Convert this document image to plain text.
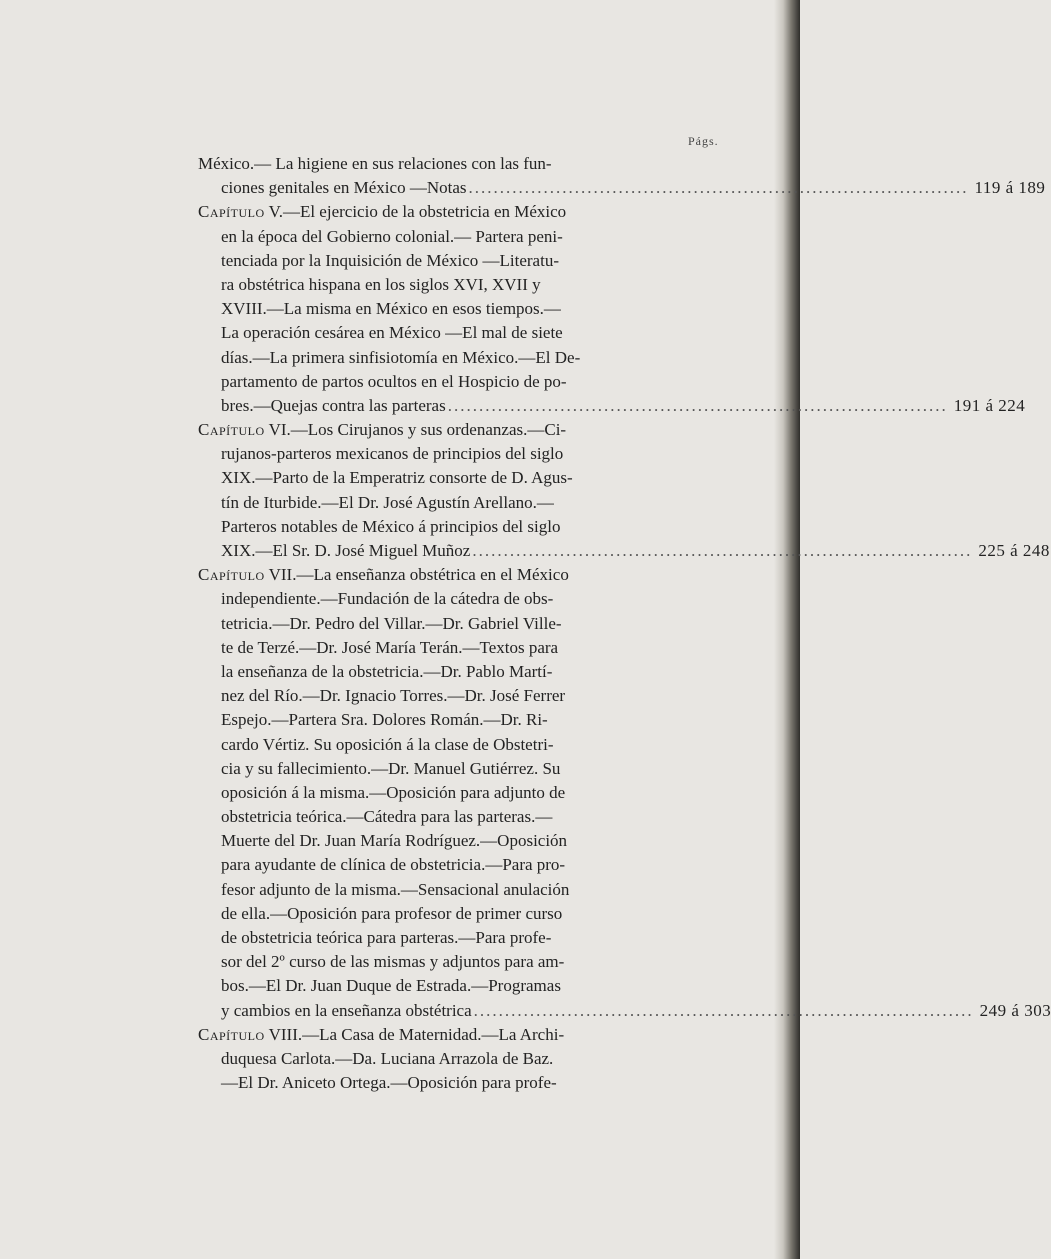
Págs.
México.— La higiene en sus relaciones con las fun-
ciones genitales en México —Notas ................................................................................ 119 á 189
Capítulo V.—El ejercicio de la obstetricia en México
en la época del Gobierno colonial.— Partera peni-
tenciada por la Inquisición de México —Literatu-
ra obstétrica hispana en los siglos XVI, XVII y
XVIII.—La misma en México en esos tiempos.—
La operación cesárea en México —El mal de siete
días.—La primera sinfisiotomía en México.—El De-
partamento de partos ocultos en el Hospicio de po-
bres.—Quejas contra las parteras ................................................................................ 191 á 224
Capítulo VI.—Los Cirujanos y sus ordenanzas.—Ci-
rujanos-parteros mexicanos de principios del siglo
XIX.—Parto de la Emperatriz consorte de D. Agus-
tín de Iturbide.—El Dr. José Agustín Arellano.—
Parteros notables de México á principios del siglo
XIX.—El Sr. D. José Miguel Muñoz ................................................................................ 225 á 248
Capítulo VII.—La enseñanza obstétrica en el México
independiente.—Fundación de la cátedra de obs-
tetricia.—Dr. Pedro del Villar.—Dr. Gabriel Ville-
te de Terzé.—Dr. José María Terán.—Textos para
la enseñanza de la obstetricia.—Dr. Pablo Martí-
nez del Río.—Dr. Ignacio Torres.—Dr. José Ferrer
Espejo.—Partera Sra. Dolores Román.—Dr. Ri-
cardo Vértiz. Su oposición á la clase de Obstetri-
cia y su fallecimiento.—Dr. Manuel Gutiérrez. Su
oposición á la misma.—Oposición para adjunto de
obstetricia teórica.—Cátedra para las parteras.—
Muerte del Dr. Juan María Rodríguez.—Oposición
para ayudante de clínica de obstetricia.—Para pro-
fesor adjunto de la misma.—Sensacional anulación
de ella.—Oposición para profesor de primer curso
de obstetricia teórica para parteras.—Para profe-
sor del 2º curso de las mismas y adjuntos para am-
bos.—El Dr. Juan Duque de Estrada.—Programas
y cambios en la enseñanza obstétrica ................................................................................ 249 á 303
Capítulo VIII.—La Casa de Maternidad.—La Archi-
duquesa Carlota.—Da. Luciana Arrazola de Baz.
—El Dr. Aniceto Ortega.—Oposición para profe-
